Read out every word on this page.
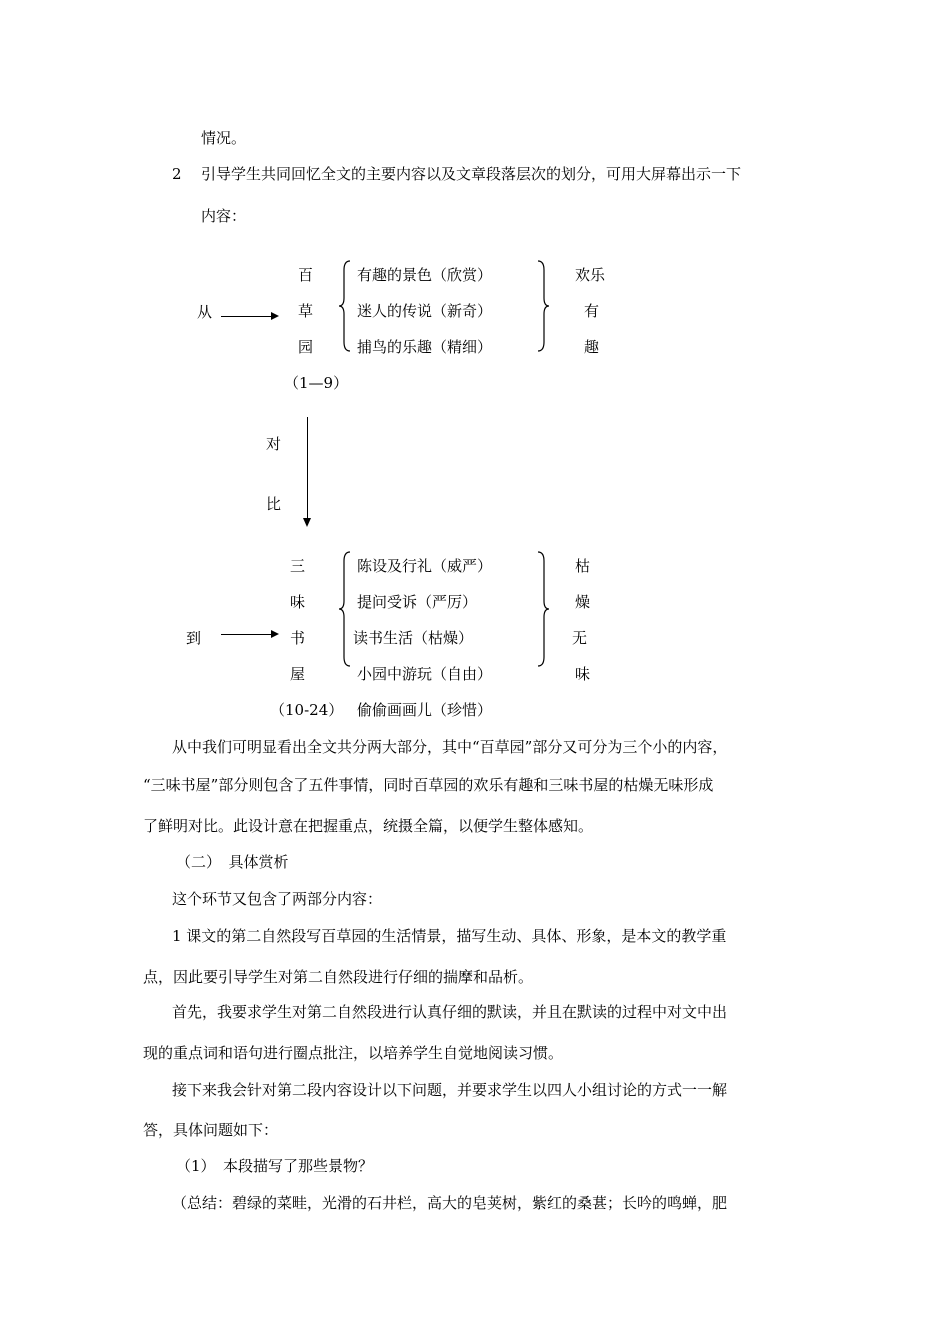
情况。
2 引导学生共同回忆全文的主要内容以及文章段落层次的划分，可用大屏幕出示一下
内容：
从
百
草
园
（1—9）
有趣的景色（欣赏）
迷人的传说（新奇）
捕鸟的乐趣（精细）
欢乐
有
趣
对
比
三
味
书
屋
（10-24）
到
陈设及行礼（威严）
提问受诉（严厉）
读书生活（枯燥）
小园中游玩（自由）
偷偷画画儿（珍惜）
枯
燥
无
味
从中我们可明显看出全文共分两大部分，其中“百草园”部分又可分为三个小的内容，
“三味书屋”部分则包含了五件事情，同时百草园的欢乐有趣和三味书屋的枯燥无味形成
了鲜明对比。此设计意在把握重点，统摄全篇，以便学生整体感知。
（二）　具体赏析
这个环节又包含了两部分内容：
1 课文的第二自然段写百草园的生活情景，描写生动、具体、形象，是本文的教学重
点，因此要引导学生对第二自然段进行仔细的揣摩和品析。
首先，我要求学生对第二自然段进行认真仔细的默读，并且在默读的过程中对文中出
现的重点词和语句进行圈点批注，以培养学生自觉地阅读习惯。
接下来我会针对第二段内容设计以下问题，并要求学生以四人小组讨论的方式一一解
答，具体问题如下：
（1）　本段描写了那些景物？
（总结：碧绿的菜畦，光滑的石井栏，高大的皂荚树，紫红的桑葚；长吟的鸣蝉，肥
